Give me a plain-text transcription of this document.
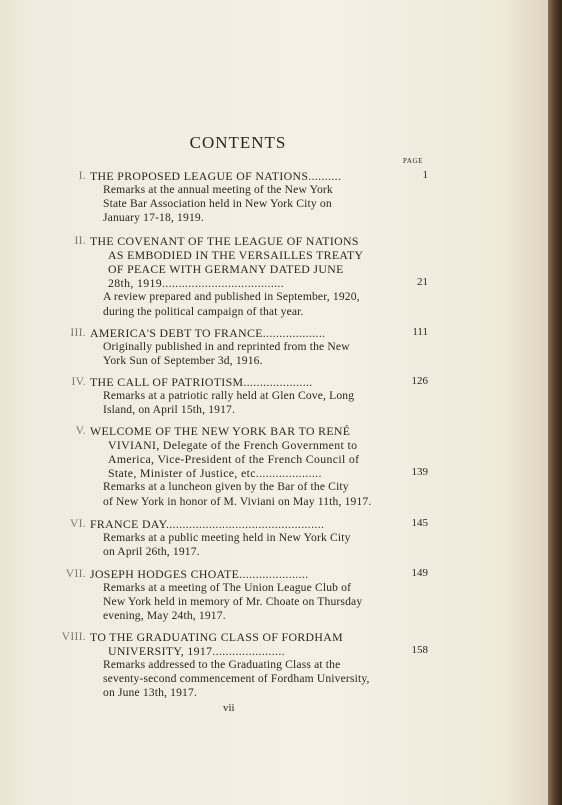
CONTENTS
PAGE
I. THE PROPOSED LEAGUE OF NATIONS..........
Remarks at the annual meeting of the New York
State Bar Association held in New York City on
January 17-18, 1919.
1
II. THE COVENANT OF THE LEAGUE OF NATIONS
AS EMBODIED IN THE VERSAILLES TREATY
OF PEACE WITH GERMANY DATED JUNE
28th, 1919.....................................
A review prepared and published in September, 1920,
during the political campaign of that year.
21
III. AMERICA'S DEBT TO FRANCE...................
Originally published in and reprinted from the New
York Sun of September 3d, 1916.
111
IV. THE CALL OF PATRIOTISM.....................
Remarks at a patriotic rally held at Glen Cove, Long
Island, on April 15th, 1917.
126
V. WELCOME OF THE NEW YORK BAR TO RENÉ
VIVIANI, Delegate of the French Government to
America, Vice-President of the French Council of
State, Minister of Justice, etc....................
Remarks at a luncheon given by the Bar of the City
of New York in honor of M. Viviani on May 11th, 1917.
139
VI. FRANCE DAY................................................
Remarks at a public meeting held in New York City
on April 26th, 1917.
145
VII. JOSEPH HODGES CHOATE.....................
Remarks at a meeting of The Union League Club of
New York held in memory of Mr. Choate on Thursday
evening, May 24th, 1917.
149
VIII. TO THE GRADUATING CLASS OF FORDHAM
UNIVERSITY, 1917......................
Remarks addressed to the Graduating Class at the
seventy-second commencement of Fordham University,
on June 13th, 1917.
158
vii
